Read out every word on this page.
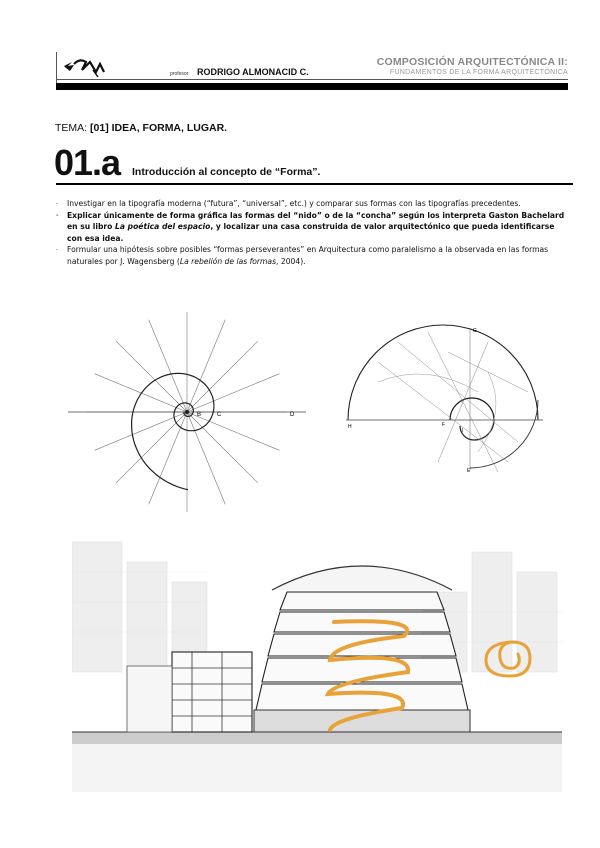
profesor: RODRIGO ALMONACID C.
COMPOSICIÓN ARQUITECTÓNICA II:
FUNDAMENTOS DE LA FORMA ARQUITECTÓNICA
TEMA: [01] IDEA, FORMA, LUGAR.
01.a Introducción al concepto de “Forma”.
- Investigar en la tipografía moderna (“futura”, “universal”, etc.) y comparar sus formas con las tipografías precedentes.
- Explicar únicamente de forma gráfica las formas del “nido” o de la “concha” según los interpreta Gaston Bachelard en su libro La poética del espacio, y localizar una casa construida de valor arquitectónico que pueda identificarse con esa idea.
- Formular una hipótesis sobre posibles “formas perseverantes” en Arquitectura como paralelismo a la observada en las formas naturales por J. Wagensberg (La rebelión de las formas, 2004).
B	C	D
H	F
I
G
E
